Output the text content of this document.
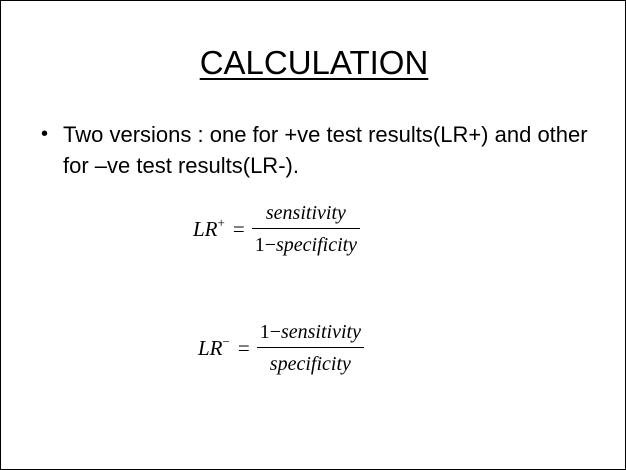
CALCULATION
• Two versions : one for +ve test results(LR+) and other for –ve test results(LR-).
$LR^+ = \frac{\text{sensitivity}}{\text{1−specificity}}$
$LR^- = \frac{\text{1−sensitivity}}{\text{specificity}}$
